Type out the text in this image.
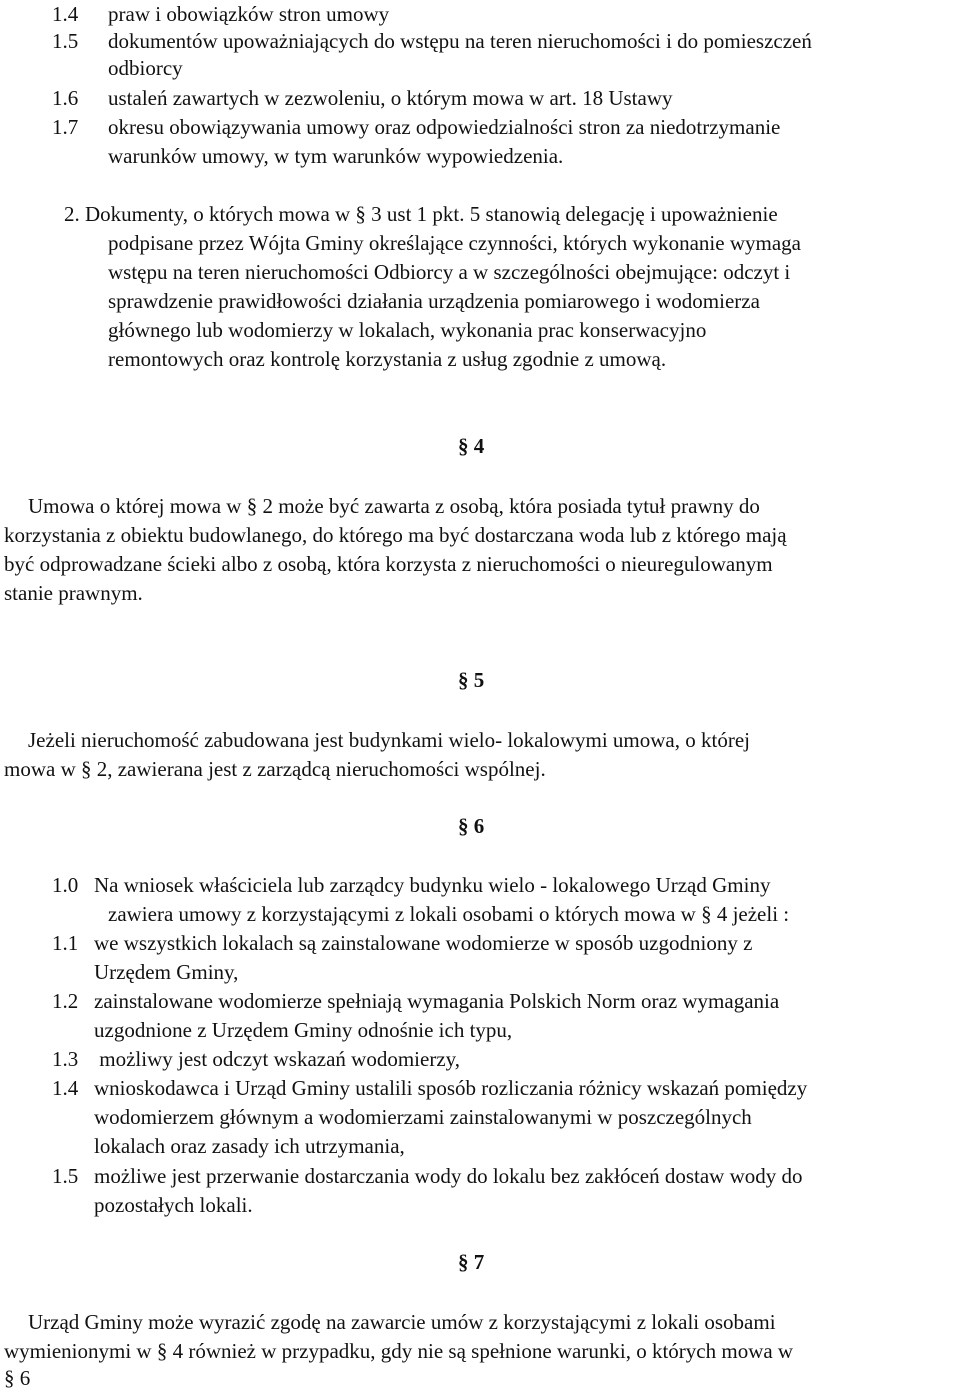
1.4 praw i obowiązków stron umowy

1.5 dokumentów upoważniających do wstępu na teren nieruchomości i do pomieszczeń

odbiorcy

1.6 ustaleń zawartych w zezwoleniu, o którym mowa w art. 18 Ustawy

1.7 okresu obowiązywania umowy oraz odpowiedzialności stron za niedotrzymanie

warunków umowy, w tym warunków wypowiedzenia.

2. Dokumenty, o których mowa w § 3 ust 1 pkt. 5 stanowią delegację i upoważnienie

podpisane przez Wójta Gminy określające czynności, których wykonanie wymaga

wstępu na teren nieruchomości Odbiorcy a w szczególności obejmujące: odczyt i

sprawdzenie prawidłowości działania urządzenia pomiarowego i wodomierza

głównego lub wodomierzy w lokalach, wykonania prac konserwacyjno

remontowych oraz kontrolę korzystania z usług zgodnie z umową.

§ 4

Umowa o której mowa w § 2 może być zawarta z osobą, która posiada tytuł prawny do

korzystania z obiektu budowlanego, do którego ma być dostarczana woda lub z którego mają

być odprowadzane ścieki albo z osobą, która korzysta z nieruchomości o nieuregulowanym

stanie prawnym.

§ 5

Jeżeli nieruchomość zabudowana jest budynkami wielo- lokalowymi umowa, o której

mowa w § 2, zawierana jest z zarządcą nieruchomości wspólnej.

§ 6

1.0 Na wniosek właściciela lub zarządcy budynku wielo - lokalowego Urząd Gminy

zawiera umowy z korzystającymi z lokali osobami o których mowa w § 4 jeżeli :

1.1 we wszystkich lokalach są zainstalowane wodomierze w sposób uzgodniony z

Urzędem Gminy,

1.2 zainstalowane wodomierze spełniają wymagania Polskich Norm oraz wymagania

uzgodnione z Urzędem Gminy odnośnie ich typu,

1.3 możliwy jest odczyt wskazań wodomierzy,

1.4 wnioskodawca i Urząd Gminy ustalili sposób rozliczania różnicy wskazań pomiędzy

wodomierzem głównym a wodomierzami zainstalowanymi w poszczególnych

lokalach oraz zasady ich utrzymania,

1.5 możliwe jest przerwanie dostarczania wody do lokalu bez zakłóceń dostaw wody do

pozostałych lokali.

§ 7

Urząd Gminy może wyrazić zgodę na zawarcie umów z korzystającymi z lokali osobami

wymienionymi w § 4 również w przypadku, gdy nie są spełnione warunki, o których mowa w

§ 6
